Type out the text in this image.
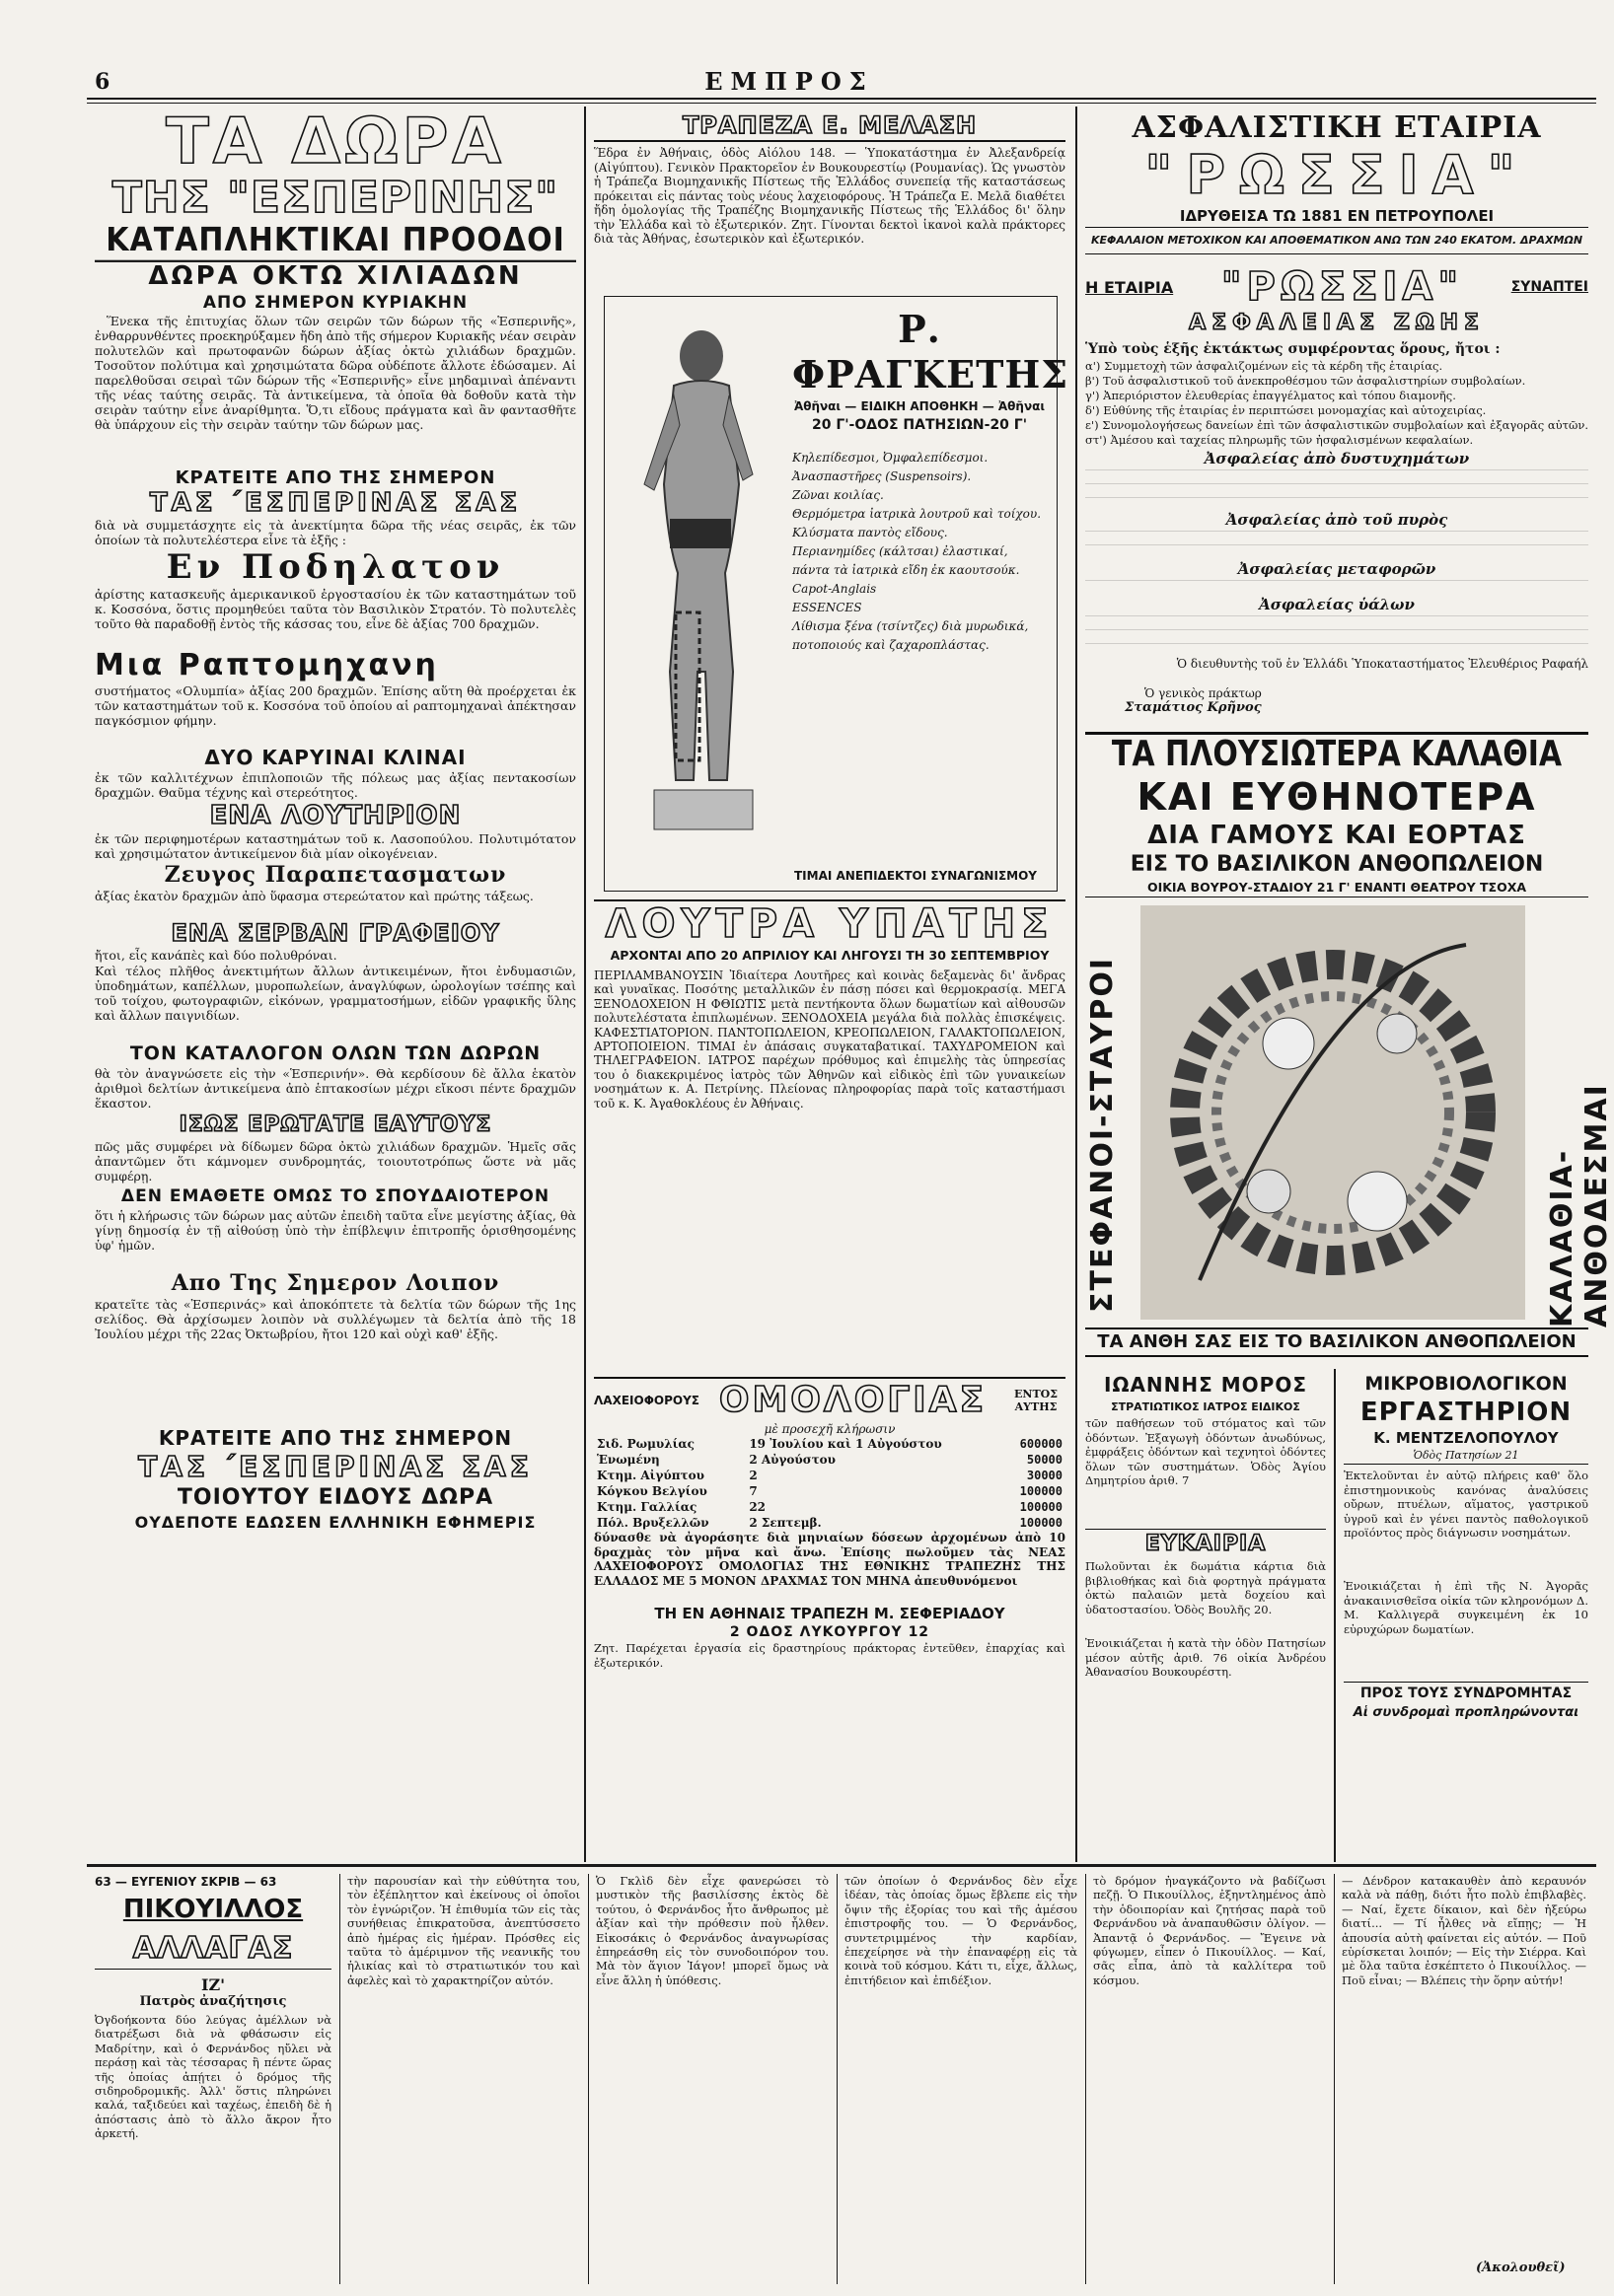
6	ΕΜΠΡΟΣ
ΤΑ ΔΩΡΑ
ΤΗΣ "ΕΣΠΕΡΙΝΗΣ"
ΚΑΤΑΠΛΗΚΤΙΚΑΙ ΠΡΟΟΔΟΙ
ΔΩΡΑ ΟΚΤΩ ΧΙΛΙΑΔΩΝ
ΑΠΟ ΣΗΜΕΡΟΝ ΚΥΡΙΑΚΗΝ
Ἕνεκα τῆς ἐπιτυχίας ὅλων τῶν σειρῶν τῶν δώρων τῆς «Ἑσπερινῆς», ἐνθαρρυνθέντες προεκηρύξαμεν ἤδη ἀπὸ τῆς σήμερον Κυριακῆς νέαν σειρὰν πολυτελῶν καὶ πρωτοφανῶν δώρων ἀξίας ὀκτὼ χιλιάδων δραχμῶν. Τοσοῦτον πολύτιμα καὶ χρησιμώτατα δῶρα οὐδέποτε ἄλλοτε ἐδώσαμεν. Αἱ παρελθοῦσαι σειραὶ τῶν δώρων τῆς «Ἑσπερινῆς» εἶνε μηδαμιναὶ ἀπέναντι τῆς νέας ταύτης σειρᾶς. Τὰ ἀντικείμενα, τὰ ὁποῖα θὰ δοθοῦν κατὰ τὴν σειρὰν ταύτην εἶνε ἀναρίθμητα. Ὅ,τι εἴδους πράγματα καὶ ἂν φαντασθῆτε θὰ ὑπάρχουν εἰς τὴν σειρὰν ταύτην τῶν δώρων μας.
ΚΡΑΤΕΙΤΕ ΑΠΟ ΤΗΣ ΣΗΜΕΡΟΝ
ΤΑΣ ΄ΕΣΠΕΡΙΝΑΣ ΣΑΣ
διὰ νὰ συμμετάσχητε εἰς τὰ ἀνεκτίμητα δῶρα τῆς νέας σειρᾶς, ἐκ τῶν ὁποίων τὰ πολυτελέστερα εἶνε τὰ ἑξῆς :
Εν Ποδηλατον
ἀρίστης κατασκευῆς ἀμερικανικοῦ ἐργοστασίου ἐκ τῶν καταστημάτων τοῦ κ. Κοσσόνα, ὅστις προμηθεύει ταῦτα τὸν Βασιλικὸν Στρατόν. Τὸ πολυτελὲς τοῦτο θὰ παραδοθῇ ἐντὸς τῆς κάσσας του, εἶνε δὲ ἀξίας 700 δραχμῶν.
Μια Ραπτομηχανη
συστήματος «Ολυμπία» ἀξίας 200 δραχμῶν. Ἐπίσης αὕτη θὰ προέρχεται ἐκ τῶν καταστημάτων τοῦ κ. Κοσσόνα τοῦ ὁποίου αἱ ραπτομηχαναὶ ἀπέκτησαν παγκόσμιον φήμην.
ΔΥΟ ΚΑΡΥΙΝΑΙ ΚΛΙΝΑΙ
ἐκ τῶν καλλιτέχνων ἐπιπλοποιῶν τῆς πόλεως μας ἀξίας πεντακοσίων δραχμῶν. Θαῦμα τέχνης καὶ στερεότητος.
ΕΝΑ ΛΟΥΤΗΡΙΟΝ
ἐκ τῶν περιφημοτέρων καταστημάτων τοῦ κ. Λασοπούλου. Πολυτιμότατον καὶ χρησιμώτατον ἀντικείμενον διὰ μίαν οἰκογένειαν.
Ζευγος Παραπετασματων
ἀξίας ἑκατὸν δραχμῶν ἀπὸ ὕφασμα στερεώτατον καὶ πρώτης τάξεως.
ΕΝΑ ΣΕΡΒΑΝ ΓΡΑΦΕΙΟΥ
ἤτοι, εἶς κανάπὲς καὶ δύο πολυθρόναι.
Καὶ τέλος πλῆθος ἀνεκτιμήτων ἄλλων ἀντικειμένων, ἤτοι ἐνδυμασιῶν, ὑποδημάτων, καπέλλων, μυροπωλείων, ἀναγλύφων, ὡρολογίων τσέπης καὶ τοῦ τοίχου, φωτογραφιῶν, εἰκόνων, γραμματοσήμων, εἰδῶν γραφικῆς ὕλης καὶ ἄλλων παιγνιδίων.
ΤΟΝ ΚΑΤΑΛΟΓΟΝ ΟΛΩΝ ΤΩΝ ΔΩΡΩΝ
θὰ τὸν ἀναγνώσετε εἰς τὴν «Ἑσπερινήν». Θὰ κερδίσουν δὲ ἄλλα ἑκατὸν ἀριθμοὶ δελτίων ἀντικείμενα ἀπὸ ἑπτακοσίων μέχρι εἴκοσι πέντε δραχμῶν ἕκαστον.
ΙΣΩΣ ΕΡΩΤΑΤΕ ΕΑΥΤΟΥΣ
πῶς μᾶς συμφέρει νὰ δίδωμεν δῶρα ὀκτὼ χιλιάδων δραχμῶν. Ἡμεῖς σᾶς ἀπαντῶμεν ὅτι κάμνομεν συνδρομητάς, τοιουτοτρόπως ὥστε νὰ μᾶς συμφέρῃ.
ΔΕΝ ΕΜΑΘΕΤΕ ΟΜΩΣ ΤΟ ΣΠΟΥΔΑΙΟΤΕΡΟΝ
ὅτι ἡ κλήρωσις τῶν δώρων μας αὐτῶν ἐπειδὴ ταῦτα εἶνε μεγίστης ἀξίας, θὰ γίνῃ δημοσίᾳ ἐν τῇ αἰθούσῃ ὑπὸ τὴν ἐπίβλεψιν ἐπιτροπῆς ὁρισθησομένης ὑφ' ἡμῶν.
Απο Της Σημερον Λοιπον
κρατεῖτε τὰς «Ἑσπερινάς» καὶ ἀποκόπτετε τὰ δελτία τῶν δώρων τῆς 1ης σελίδος. Θὰ ἀρχίσωμεν λοιπὸν νὰ συλλέγωμεν τὰ δελτία ἀπὸ τῆς 18 Ἰουλίου μέχρι τῆς 22ας Ὀκτωβρίου, ἤτοι 120 καὶ οὐχὶ καθ' ἑξῆς.
ΚΡΑΤΕΙΤΕ ΑΠΟ ΤΗΣ ΣΗΜΕΡΟΝ
ΤΑΣ ΄ΕΣΠΕΡΙΝΑΣ ΣΑΣ
ΤΟΙΟΥΤΟΥ ΕΙΔΟΥΣ ΔΩΡΑ
ΟΥΔΕΠΟΤΕ ΕΔΩΣΕΝ ΕΛΛΗΝΙΚΗ ΕΦΗΜΕΡΙΣ
ΤΡΑΠΕΖΑ Ε. ΜΕΛΑΣΗ
Ἕδρα ἐν Ἀθήναις, ὁδὸς Αἰόλου 148. — Ὑποκατάστημα ἐν Ἀλεξανδρείᾳ (Αἰγύπτου). Γενικὸν Πρακτορεῖον ἐν Βουκουρεστίῳ (Ρουμανίας). Ὡς γνωστὸν ἡ Τράπεζα Βιομηχανικῆς Πίστεως τῆς Ἑλλάδος συνεπείᾳ τῆς καταστάσεως πρόκειται εἰς πάντας τοὺς νέους λαχειοφόρους. Ἡ Τράπεζα Ε. Μελᾶ διαθέτει ἤδη ὁμολογίας τῆς Τραπέζης Βιομηχανικῆς Πίστεως τῆς Ἑλλάδος δι' ὅλην τὴν Ἑλλάδα καὶ τὸ ἐξωτερικόν. Ζητ. Γίνονται δεκτοὶ ἱκανοὶ καλὰ πράκτορες διὰ τὰς Ἀθήνας, ἐσωτερικὸν καὶ ἐξωτερικόν.
Ρ. ΦΡΑΓΚΕΤΗΣ
Ἀθῆναι — ΕΙΔΙΚΗ ΑΠΟΘΗΚΗ — Ἀθῆναι
20 Γ'-ΟΔΟΣ ΠΑΤΗΣΙΩΝ-20 Γ'
Κηλεπίδεσμοι, Ὀμφαλεπίδεσμοι.
Ἀνασπαστῆρες (Suspensoirs).
Ζῶναι κοιλίας.
Θερμόμετρα ἰατρικὰ λουτροῦ καὶ τοίχου.
Κλύσματα παντὸς εἴδους.
Περιανημίδες (κάλτσαι) ἐλαστικαί, πάντα τὰ ἰατρικὰ εἴδη ἐκ καουτσούκ.
Capot-Anglais
ESSENCES
Λίθισμα ξένα (τσίντζες) διὰ μυρωδικά, ποτοποιούς καὶ ζαχαροπλάστας.
ΤΙΜΑΙ ΑΝΕΠΙΔΕΚΤΟΙ ΣΥΝΑΓΩΝΙΣΜΟΥ
ΛΟΥΤΡΑ ΥΠΑΤΗΣ
ΑΡΧΟΝΤΑΙ ΑΠΟ 20 ΑΠΡΙΛΙΟΥ ΚΑΙ ΛΗΓΟΥΣΙ ΤΗ 30 ΣΕΠΤΕΜΒΡΙΟΥ
ΠΕΡΙΛΑΜΒΑΝΟΥΣΙΝ Ἰδιαίτερα Λουτῆρες καὶ κοινὰς δεξαμενὰς δι' ἄνδρας καὶ γυναῖκας. Ποσότης μεταλλικῶν ἐν πάσῃ πόσει καὶ θερμοκρασίᾳ. ΜΕΓΑ ΞΕΝΟΔΟΧΕΙΟΝ Η ΦΘΙΩΤΙΣ μετὰ πεντήκοντα ὅλων δωματίων καὶ αἰθουσῶν πολυτελέστατα ἐπιπλωμένων. ΞΕΝΟΔΟΧΕΙΑ μεγάλα διὰ πολλὰς ἐπισκέψεις. ΚΑΦΕΣΤΙΑΤΟΡΙΟΝ. ΠΑΝΤΟΠΩΛΕΙΟΝ, ΚΡΕΟΠΩΛΕΙΟΝ, ΓΑΛΑΚΤΟΠΩΛΕΙΟΝ, ΑΡΤΟΠΟΙΕΙΟΝ. ΤΙΜΑΙ ἐν ἀπάσαις συγκαταβατικαί. ΤΑΧΥΔΡΟΜΕΙΟΝ καὶ ΤΗΛΕΓΡΑΦΕΙΟΝ. ΙΑΤΡΟΣ παρέχων πρόθυμος καὶ ἐπιμελὴς τὰς ὑπηρεσίας του ὁ διακεκριμένος ἰατρὸς τῶν Ἀθηνῶν καὶ εἰδικὸς ἐπὶ τῶν γυναικείων νοσημάτων κ. Α. Πετρίνης. Πλείονας πληροφορίας παρὰ τοῖς καταστήμασι τοῦ κ. Κ. Ἀγαθοκλέους ἐν Ἀθήναις.
ΛΑΧΕΙΟΦΟΡΟΥΣ ΟΜΟΛΟΓΙΑΣ	ΕΝΤΟΣ ΑΥΤΗΣ
μὲ προσεχῆ κλήρωσιν
Σιδ. Ρωμυλίας	19 Ἰουλίου καὶ 1 Αὐγούστου	600000
Ἑνωμένη	2 Αὐγούστου	50000
Κτημ. Αἰγύπτου	2	30000
Κόγκου Βελγίου	7	100000
Κτημ. Γαλλίας	22	100000
Πόλ. Βρυξελλῶν	2 Σεπτεμβ.	100000
δύνασθε νὰ ἀγοράσητε διὰ μηνιαίων δόσεων ἀρχομένων ἀπὸ 10 δραχμὰς τὸν μῆνα καὶ ἄνω. Ἐπίσης πωλοῦμεν τὰς ΝΕΑΣ ΛΑΧΕΙΟΦΟΡΟΥΣ ΟΜΟΛΟΓΙΑΣ ΤΗΣ ΕΘΝΙΚΗΣ ΤΡΑΠΕΖΗΣ ΤΗΣ ΕΛΛΑΔΟΣ ΜΕ 5 ΜΟΝΟΝ ΔΡΑΧΜΑΣ ΤΟΝ ΜΗΝΑ ἀπευθυνόμενοι
ΤΗ ΕΝ ΑΘΗΝΑΙΣ ΤΡΑΠΕΖΗ Μ. ΣΕΦΕΡΙΑΔΟΥ
2 ΟΔΟΣ ΛΥΚΟΥΡΓΟΥ 12
Ζητ. Παρέχεται ἐργασία εἰς δραστηρίους πράκτορας ἐντεῦθεν, ἐπαρχίας καὶ ἐξωτερικόν.
ΑΣΦΑΛΙΣΤΙΚΗ ΕΤΑΙΡΙΑ
"ΡΩΣΣΙΑ"
ΙΔΡΥΘΕΙΣΑ ΤΩ 1881 ΕΝ ΠΕΤΡΟΥΠΟΛΕΙ
ΚΕΦΑΛΑΙΟΝ ΜΕΤΟΧΙΚΟΝ ΚΑΙ ΑΠΟΘΕΜΑΤΙΚΟΝ ΑΝΩ ΤΩΝ 240 ΕΚΑΤΟΜ. ΔΡΑΧΜΩΝ
Η ΕΤΑΙΡΙΑ "ΡΩΣΣΙΑ"	ΣΥΝΑΠΤΕΙ
ΑΣΦΑΛΕΙΑΣ ΖΩΗΣ
Ὑπὸ τοὺς ἑξῆς ἐκτάκτως συμφέροντας ὅρους, ἤτοι :
α') Συμμετοχὴ τῶν ἀσφαλιζομένων εἰς τὰ κέρδη τῆς ἑταιρίας.
β') Τοῦ ἀσφαλιστικοῦ τοῦ ἀνεκπροθέσμου τῶν ἀσφαλιστηρίων συμβολαίων.
γ') Ἀπεριόριστον ἐλευθερίας ἐπαγγέλματος καὶ τόπου διαμονῆς.
δ') Εὐθύνης τῆς ἑταιρίας ἐν περιπτώσει μονομαχίας καὶ αὐτοχειρίας.
ε') Συνομολογήσεως δανείων ἐπὶ τῶν ἀσφαλιστικῶν συμβολαίων καὶ ἐξαγορᾶς αὐτῶν.
στ') Ἀμέσου καὶ ταχείας πληρωμῆς τῶν ἠσφαλισμένων κεφαλαίων.
Ἀσφαλείας ἀπὸ δυστυχημάτων
Ἀσφαλείας ἀπὸ τοῦ πυρὸς
Ἀσφαλείας μεταφορῶν
Ἀσφαλείας ὑάλων
Ὁ διευθυντὴς τοῦ ἐν Ἑλλάδι Ὑποκαταστήματος Ἐλευθέριος Ραφαήλ
Ὁ γενικὸς πράκτωρ
Σταμάτιος Κρῆνος
ΤΑ ΠΛΟΥΣΙΩΤΕΡΑ ΚΑΛΑΘΙΑ
ΚΑΙ ΕΥΘΗΝΟΤΕΡΑ
ΔΙΑ ΓΑΜΟΥΣ ΚΑΙ ΕΟΡΤΑΣ
ΕΙΣ ΤΟ ΒΑΣΙΛΙΚΟΝ ΑΝΘΟΠΩΛΕΙΟΝ
ΟΙΚΙΑ ΒΟΥΡΟΥ-ΣΤΑΔΙΟΥ 21 Γ' ΕΝΑΝΤΙ ΘΕΑΤΡΟΥ ΤΣΟΧΑ
ΣΤΕΦΑΝΟΙ-ΣΤΑΥΡΟΙ	ΚΑΛΑΘΙΑ-ΑΝΘΟΔΕΣΜΑΙ
ΤΑ ΑΝΘΗ ΣΑΣ ΕΙΣ ΤΟ ΒΑΣΙΛΙΚΟΝ ΑΝΘΟΠΩΛΕΙΟΝ
ΙΩΑΝΝΗΣ ΜΟΡΟΣ
ΣΤΡΑΤΙΩΤΙΚΟΣ ΙΑΤΡΟΣ ΕΙΔΙΚΟΣ
τῶν παθήσεων τοῦ στόματος καὶ τῶν ὀδόντων. Ἐξαγωγὴ ὀδόντων ἀνωδύνως, ἐμφράξεις ὀδόντων καὶ τεχνητοὶ ὀδόντες ὅλων τῶν συστημάτων. Ὁδὸς Ἁγίου Δημητρίου ἀριθ. 7
ΕΥΚΑΙΡΙΑ
Πωλοῦνται ἐκ δωμάτια κάρτια διὰ βιβλιοθήκας καὶ διὰ φορτηγὰ πράγματα ὀκτὼ παλαιῶν μετὰ δοχείου καὶ ὑδατοστασίου. Ὁδὸς Βουλῆς 20.
Ἐνοικιάζεται ἡ κατὰ τὴν ὁδὸν Πατησίων μέσον αὐτῆς ἀριθ. 76 οἰκία Ἀνδρέου Ἀθανασίου Βουκουρέστη.
ΜΙΚΡΟΒΙΟΛΟΓΙΚΟΝ
ΕΡΓΑΣΤΗΡΙΟΝ
Κ. ΜΕΝΤΖΕΛΟΠΟΥΛΟΥ
Ὁδὸς Πατησίων 21
Ἐκτελοῦνται ἐν αὐτῷ πλήρεις καθ' ὅλο ἐπιστημονικοὺς κανόνας ἀναλύσεις οὔρων, πτυέλων, αἵματος, γαστρικοῦ ὑγροῦ καὶ ἐν γένει παντὸς παθολογικοῦ προϊόντος πρὸς διάγνωσιν νοσημάτων.
Ἐνοικιάζεται ἡ ἐπὶ τῆς Ν. Ἀγορᾶς ἀνακαινισθεῖσα οἰκία τῶν κληρονόμων Δ. Μ. Καλλιγερᾶ συγκειμένη ἐκ 10 εὐρυχώρων δωματίων.
ΠΡΟΣ ΤΟΥΣ ΣΥΝΔΡΟΜΗΤΑΣ
Αἱ συνδρομαὶ προπληρώνονται
63 — ΕΥΓΕΝΙΟΥ ΣΚΡΙΒ — 63
ΠΙΚΟΥΙΛΛΟΣ
ΑΛΛΑΓΑΣ
ΙΖ'
Πατρὸς ἀναζήτησις
Ὀγδοήκοντα δύο λεύγας ἀμέλλων νὰ διατρέξωσι διὰ νὰ φθάσωσιν εἰς Μαδρίτην, καὶ ὁ Φερνάνδος ηὔλει νὰ περάσῃ καὶ τὰς τέσσαρας ἢ πέντε ὥρας τῆς ὁποίας ἀπῄτει ὁ δρόμος τῆς σιδηροδρομικῆς. Ἀλλ' ὅστις πληρώνει καλά, ταξιδεύει καὶ ταχέως, ἐπειδὴ δὲ ἡ ἀπόστασις ἀπὸ τὸ ἄλλο ἄκρον ἦτο ἀρκετή.
τὴν παρουσίαν καὶ τὴν εὐθύτητα του, τὸν ἐξέπληττον καὶ ἐκείνους οἱ ὁποῖοι τὸν ἐγνώριζον. Ἡ ἐπιθυμία τῶν εἰς τὰς συνήθειας ἐπικρατοῦσα, ἀνεπτύσσετο ἀπὸ ἡμέρας εἰς ἡμέραν. Πρόσθες εἰς ταῦτα τὸ ἀμέριμνον τῆς νεανικῆς του ἡλικίας καὶ τὸ στρατιωτικόν του καὶ ἀφελὲς καὶ τὸ χαρακτηρίζον αὐτόν.
Ὁ Γκλὶδ δὲν εἶχε φανερώσει τὸ μυστικὸν τῆς βασιλίσσης ἐκτὸς δὲ τούτου, ὁ Φερνάνδος ἦτο ἄνθρωπος μὲ ἀξίαν καὶ τὴν πρόθεσιν ποὺ ἦλθεν. Εἰκοσάκις ὁ Φερνάνδος ἀναγνωρίσας ἐπηρεάσθη εἰς τὸν συνοδοιπόρον του. Μὰ τὸν ἅγιον Ἰάγον! μπορεῖ ὅμως νὰ εἶνε ἄλλη ἡ ὑπόθεσις.
τῶν ὁποίων ὁ Φερνάνδος δὲν εἶχε ἰδέαν, τὰς ὁποίας ὅμως ἔβλεπε εἰς τὴν ὄψιν τῆς ἐξορίας του καὶ τῆς ἀμέσου ἐπιστροφῆς του. — Ὁ Φερνάνδος, συντετριμμένος τὴν καρδίαν, ἐπεχείρησε νὰ τὴν ἐπαναφέρῃ εἰς τὰ κοινὰ τοῦ κόσμου. Κάτι τι, εἶχε, ἄλλως, ἐπιτήδειον καὶ ἐπιδέξιον.
τὸ δρόμον ἠναγκάζοντο νὰ βαδίζωσι πεζῇ. Ὁ Πικουίλλος, ἐξηντλημένος ἀπὸ τὴν ὁδοιπορίαν καὶ ζητήσας παρὰ τοῦ Φερνάνδου νὰ ἀναπαυθῶσιν ὀλίγον. — Ἀπαντᾷ ὁ Φερνάνδος. — Ἔγεινε νὰ φύγωμεν, εἶπεν ὁ Πικουίλλος. — Καί, σᾶς εἶπα, ἀπὸ τὰ καλλίτερα τοῦ κόσμου.
— Δένδρον κατακαυθὲν ἀπὸ κεραυνόν καλὰ νὰ πάθῃ, διότι ἦτο πολὺ ἐπιβλαβὲς. — Ναί, ἔχετε δίκαιον, καὶ δὲν ἠξεύρω διατί... — Τί ἦλθες νὰ εἴπῃς; — Ἡ ἀπουσία αὐτὴ φαίνεται εἰς αὐτόν. — Ποῦ εὑρίσκεται λοιπόν; — Εἰς τὴν Σιέρρα. Καὶ μὲ ὅλα ταῦτα ἐσκέπτετο ὁ Πικουίλλος. — Ποῦ εἶναι; — Βλέπεις τὴν ὅρην αὐτήν!
(Ἀκολουθεῖ)
